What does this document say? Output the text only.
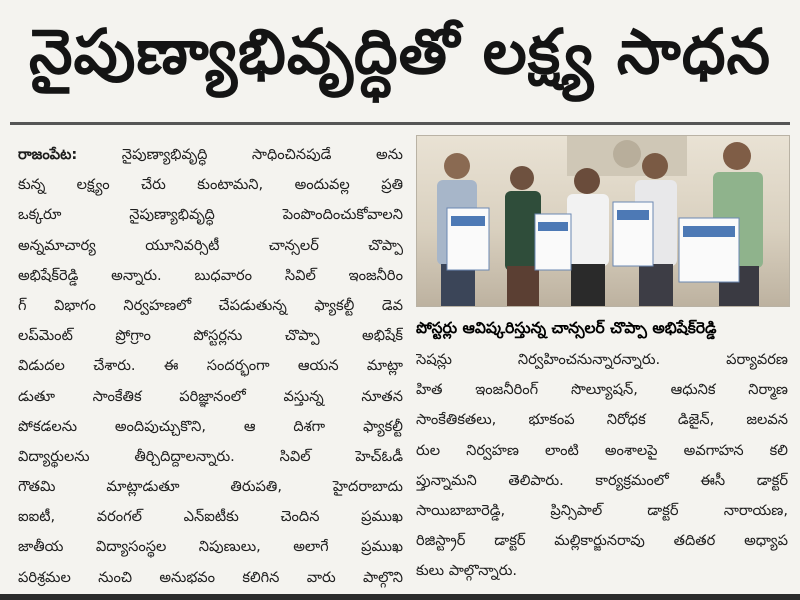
నైపుణ్యాభివృద్ధితో లక్ష్య సాధన
రాజంపేట:	నైపుణ్యాభివృద్ధి సాధించినపుడే అను
కున్న లక్ష్యం చేరు కుంటామని, అందువల్ల ప్రతి
ఒక్కరూ నైపుణ్యాభివృద్ధి పెంపొందించుకోవాలని
అన్నమాచార్య యూనివర్సిటీ చాన్సలర్ చొప్పా
అభిషేక్‌రెడ్డి అన్నారు. బుధవారం సివిల్ ఇంజనీరిం
గ్ విభాగం నిర్వహణలో చేపడుతున్న ఫ్యాకల్టీ డెవ
లప్‌మెంట్ ప్రోగ్రాం పోస్టర్లను చొప్పా అభిషేక్
విడుదల చేశారు. ఈ సందర్భంగా ఆయన మాట్లా
డుతూ సాంకేతిక పరిజ్ఞానంలో వస్తున్న నూతన
పోకడలను అందిపుచ్చుకొని, ఆ దిశగా ఫ్యాకల్టీ
విద్యార్థులను తీర్చిదిద్దాలన్నారు. సివిల్ హెచ్‌ఓడీ
గౌతమి మాట్లాడుతూ తిరుపతి, హైదరాబాదు
ఐఐటీ, వరంగల్ ఎన్ఐటీకు చెందిన ప్రముఖ
జాతీయ విద్యాసంస్థల నిపుణులు, అలాగే ప్రముఖ
పరిశ్రమల నుంచి అనుభవం కలిగిన వారు పాల్గొని
పోస్టర్లు ఆవిష్కరిస్తున్న చాన్సలర్ చొప్పా అభిషేక్‌రెడ్డి
సెషన్లు నిర్వహించనున్నారన్నారు. పర్యావరణ
హిత ఇంజనీరింగ్ సొల్యూషన్, ఆధునిక నిర్మాణ
సాంకేతికతలు, భూకంప నిరోధక డిజైన్, జలవన
రుల నిర్వహణ లాంటి అంశాలపై అవగాహన కలి
ప్తున్నామని తెలిపారు. కార్యక్రమంలో ఈసీ డాక్టర్
సాయిబాబారెడ్డి, ప్రిన్సిపాల్ డాక్టర్ నారాయణ,
రిజిస్ట్రార్ డాక్టర్ మల్లికార్జునరావు తదితర అధ్యాప
కులు పాల్గొన్నారు.
